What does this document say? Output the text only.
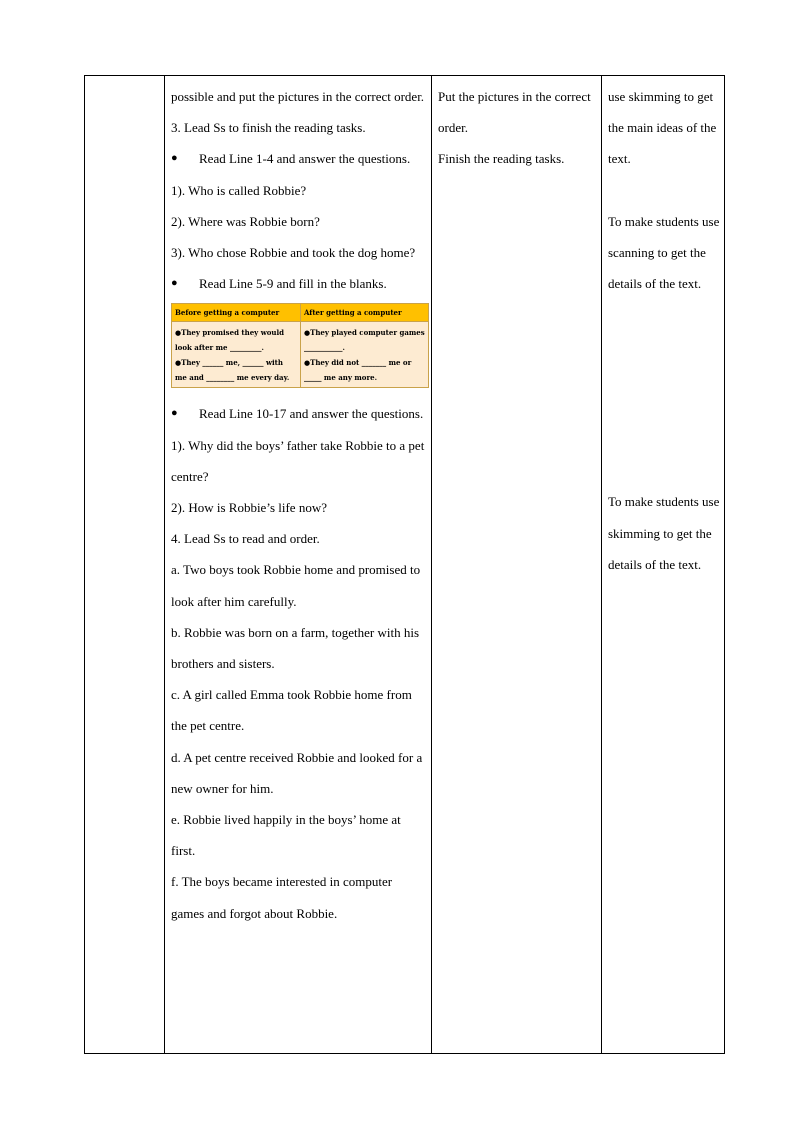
possible and put the pictures in the correct order.

3. Lead Ss to finish the reading tasks.

● Read Line 1-4 and answer the questions.

1). Who is called Robbie?

2). Where was Robbie born?

3). Who chose Robbie and took the dog home?

● Read Line 5-9 and fill in the blanks.

Before getting a computer	After getting a computer
●They promised they would look after me _________.
●They ______ me, ______ with me and ________ me every day.
●They played computer games ___________.
●They did not _______ me or _____ me any more.

● Read Line 10-17 and answer the questions.

1). Why did the boys’ father take Robbie to a pet centre?

2). How is Robbie’s life now?

4. Lead Ss to read and order.

a. Two boys took Robbie home and promised to look after him carefully.

b. Robbie was born on a farm, together with his brothers and sisters.

c. A girl called Emma took Robbie home from the pet centre.

d. A pet centre received Robbie and looked for a new owner for him.

e. Robbie lived happily in the boys’ home at first.

f. The boys became interested in computer games and forgot about Robbie.

Put the pictures in the correct order.

Finish the reading tasks.

use skimming to get the main ideas of the text.

To make students use scanning to get the details of the text.

To make students use skimming to get the details of the text.
